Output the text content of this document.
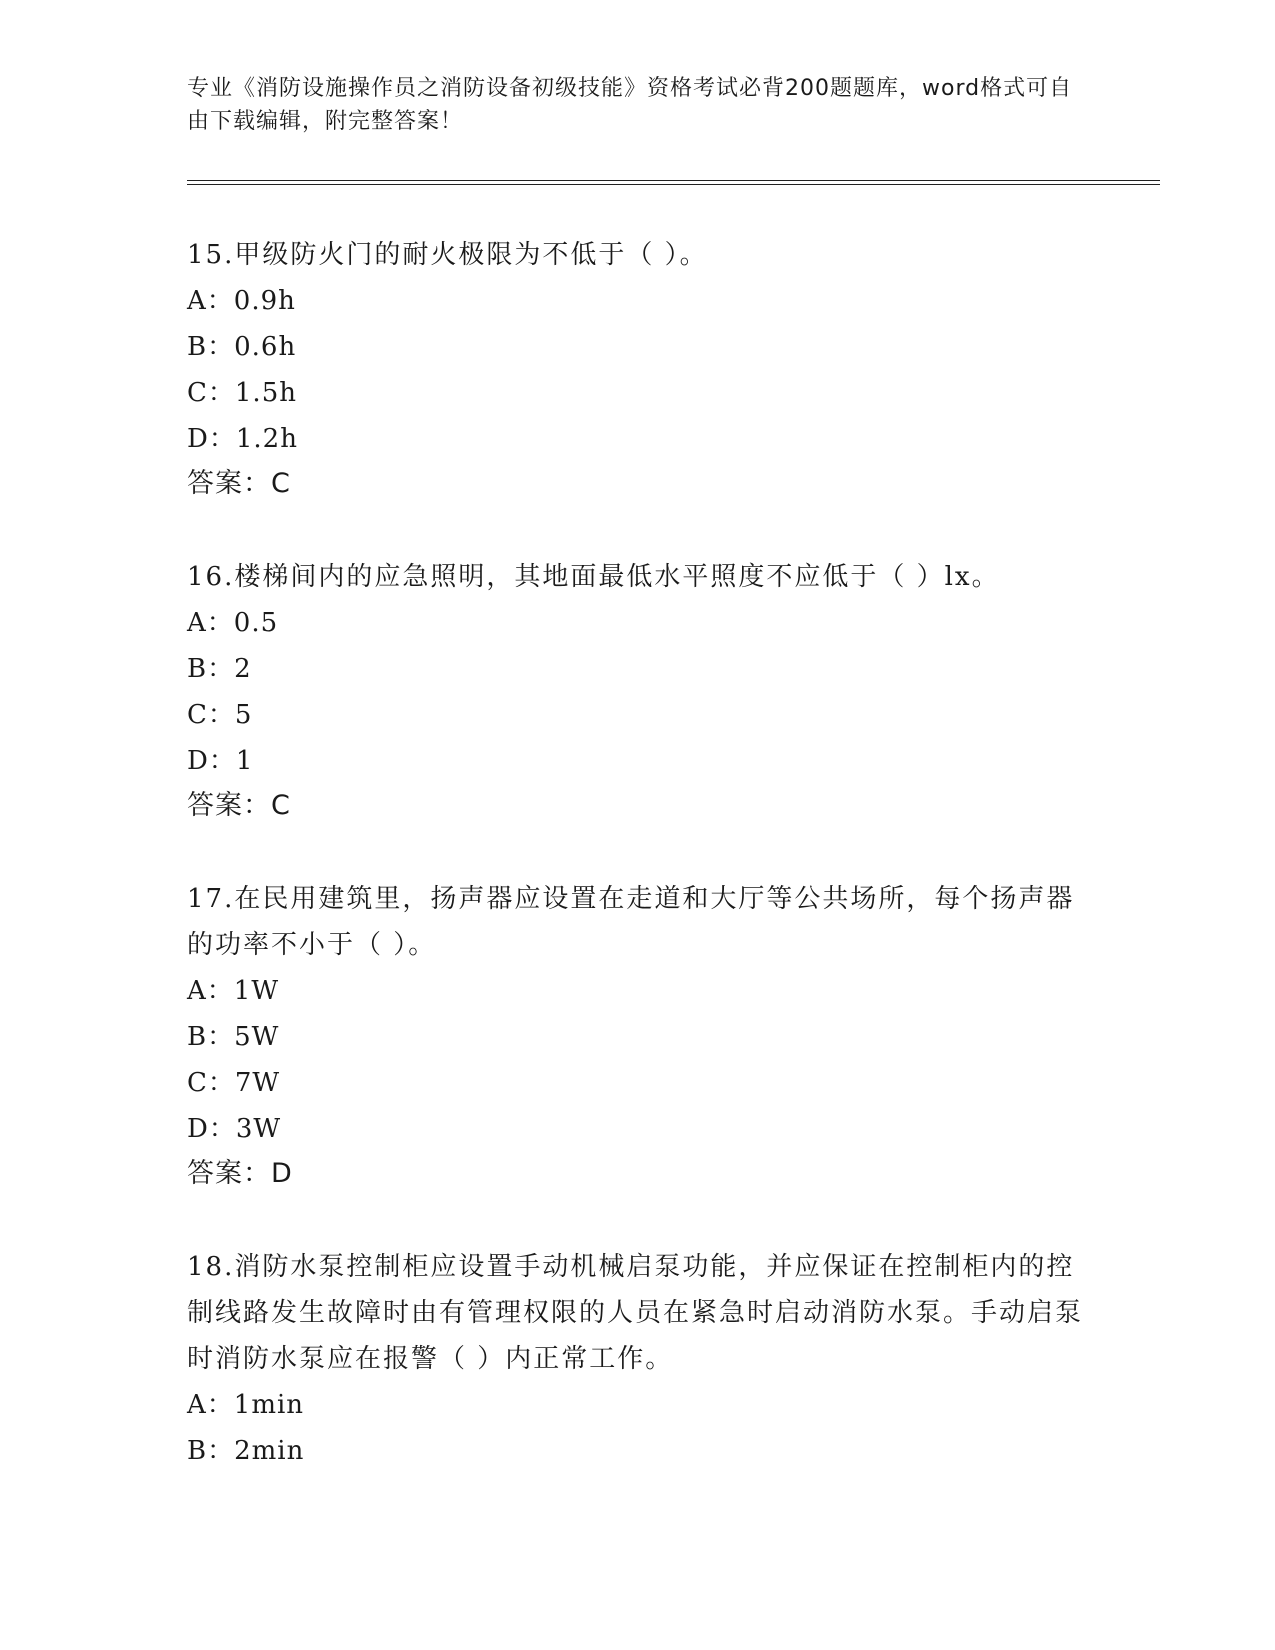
专业《消防设施操作员之消防设备初级技能》资格考试必背200题题库，word格式可自由下载编辑，附完整答案！

15.甲级防火门的耐火极限为不低于（ ）。

A：0.9h
B：0.6h
C：1.5h
D：1.2h
答案：C

16.楼梯间内的应急照明，其地面最低水平照度不应低于（ ）lx。

A：0.5
B：2
C：5
D：1
答案：C

17.在民用建筑里，扬声器应设置在走道和大厅等公共场所，每个扬声器的功率不小于（ ）。

A：1W
B：5W
C：7W
D：3W
答案：D

18.消防水泵控制柜应设置手动机械启泵功能，并应保证在控制柜内的控制线路发生故障时由有管理权限的人员在紧急时启动消防水泵。手动启泵时消防水泵应在报警（ ）内正常工作。

A：1min
B：2min
